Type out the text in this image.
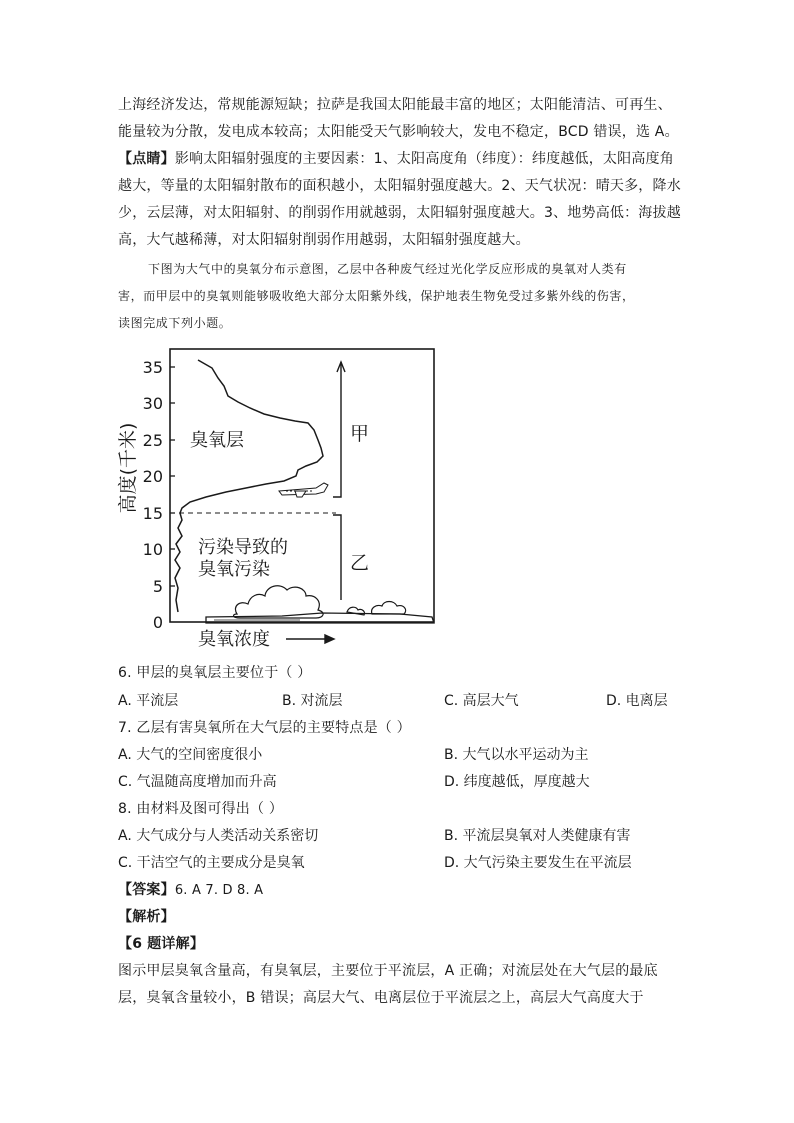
上海经济发达，常规能源短缺；拉萨是我国太阳能最丰富的地区；太阳能清洁、可再生、
能量较为分散，发电成本较高；太阳能受天气影响较大，发电不稳定，BCD 错误，选 A。
【点睛】影响太阳辐射强度的主要因素：1、太阳高度角（纬度）：纬度越低，太阳高度角
越大，等量的太阳辐射散布的面积越小，太阳辐射强度越大。2、天气状况：晴天多，降水
少，云层薄，对太阳辐射、的削弱作用就越弱，太阳辐射强度越大。3、地势高低：海拔越
高，大气越稀薄，对太阳辐射削弱作用越弱，太阳辐射强度越大。
下图为大气中的臭氧分布示意图，乙层中各种废气经过光化学反应形成的臭氧对人类有
害，而甲层中的臭氧则能够吸收绝大部分太阳紫外线，保护地表生物免受过多紫外线的伤害，
读图完成下列小题。
35
30
25
20
15
10
5
0
高度(千米)	甲
乙
臭氧层
污染导致的
臭氧污染
臭氧浓度
6. 甲层的臭氧层主要位于（ ）
A. 平流层	B. 对流层	C. 高层大气	D. 电离层
7. 乙层有害臭氧所在大气层的主要特点是（ ）
A. 大气的空间密度很小	B. 大气以水平运动为主
C. 气温随高度增加而升高	D. 纬度越低，厚度越大
8. 由材料及图可得出（ ）
A. 大气成分与人类活动关系密切	B. 平流层臭氧对人类健康有害
C. 干洁空气的主要成分是臭氧	D. 大气污染主要发生在平流层
【答案】6. A 7. D 8. A
【解析】
【6 题详解】
图示甲层臭氧含量高，有臭氧层，主要位于平流层，A 正确；对流层处在大气层的最底
层，臭氧含量较小，B 错误；高层大气、电离层位于平流层之上，高层大气高度大于
